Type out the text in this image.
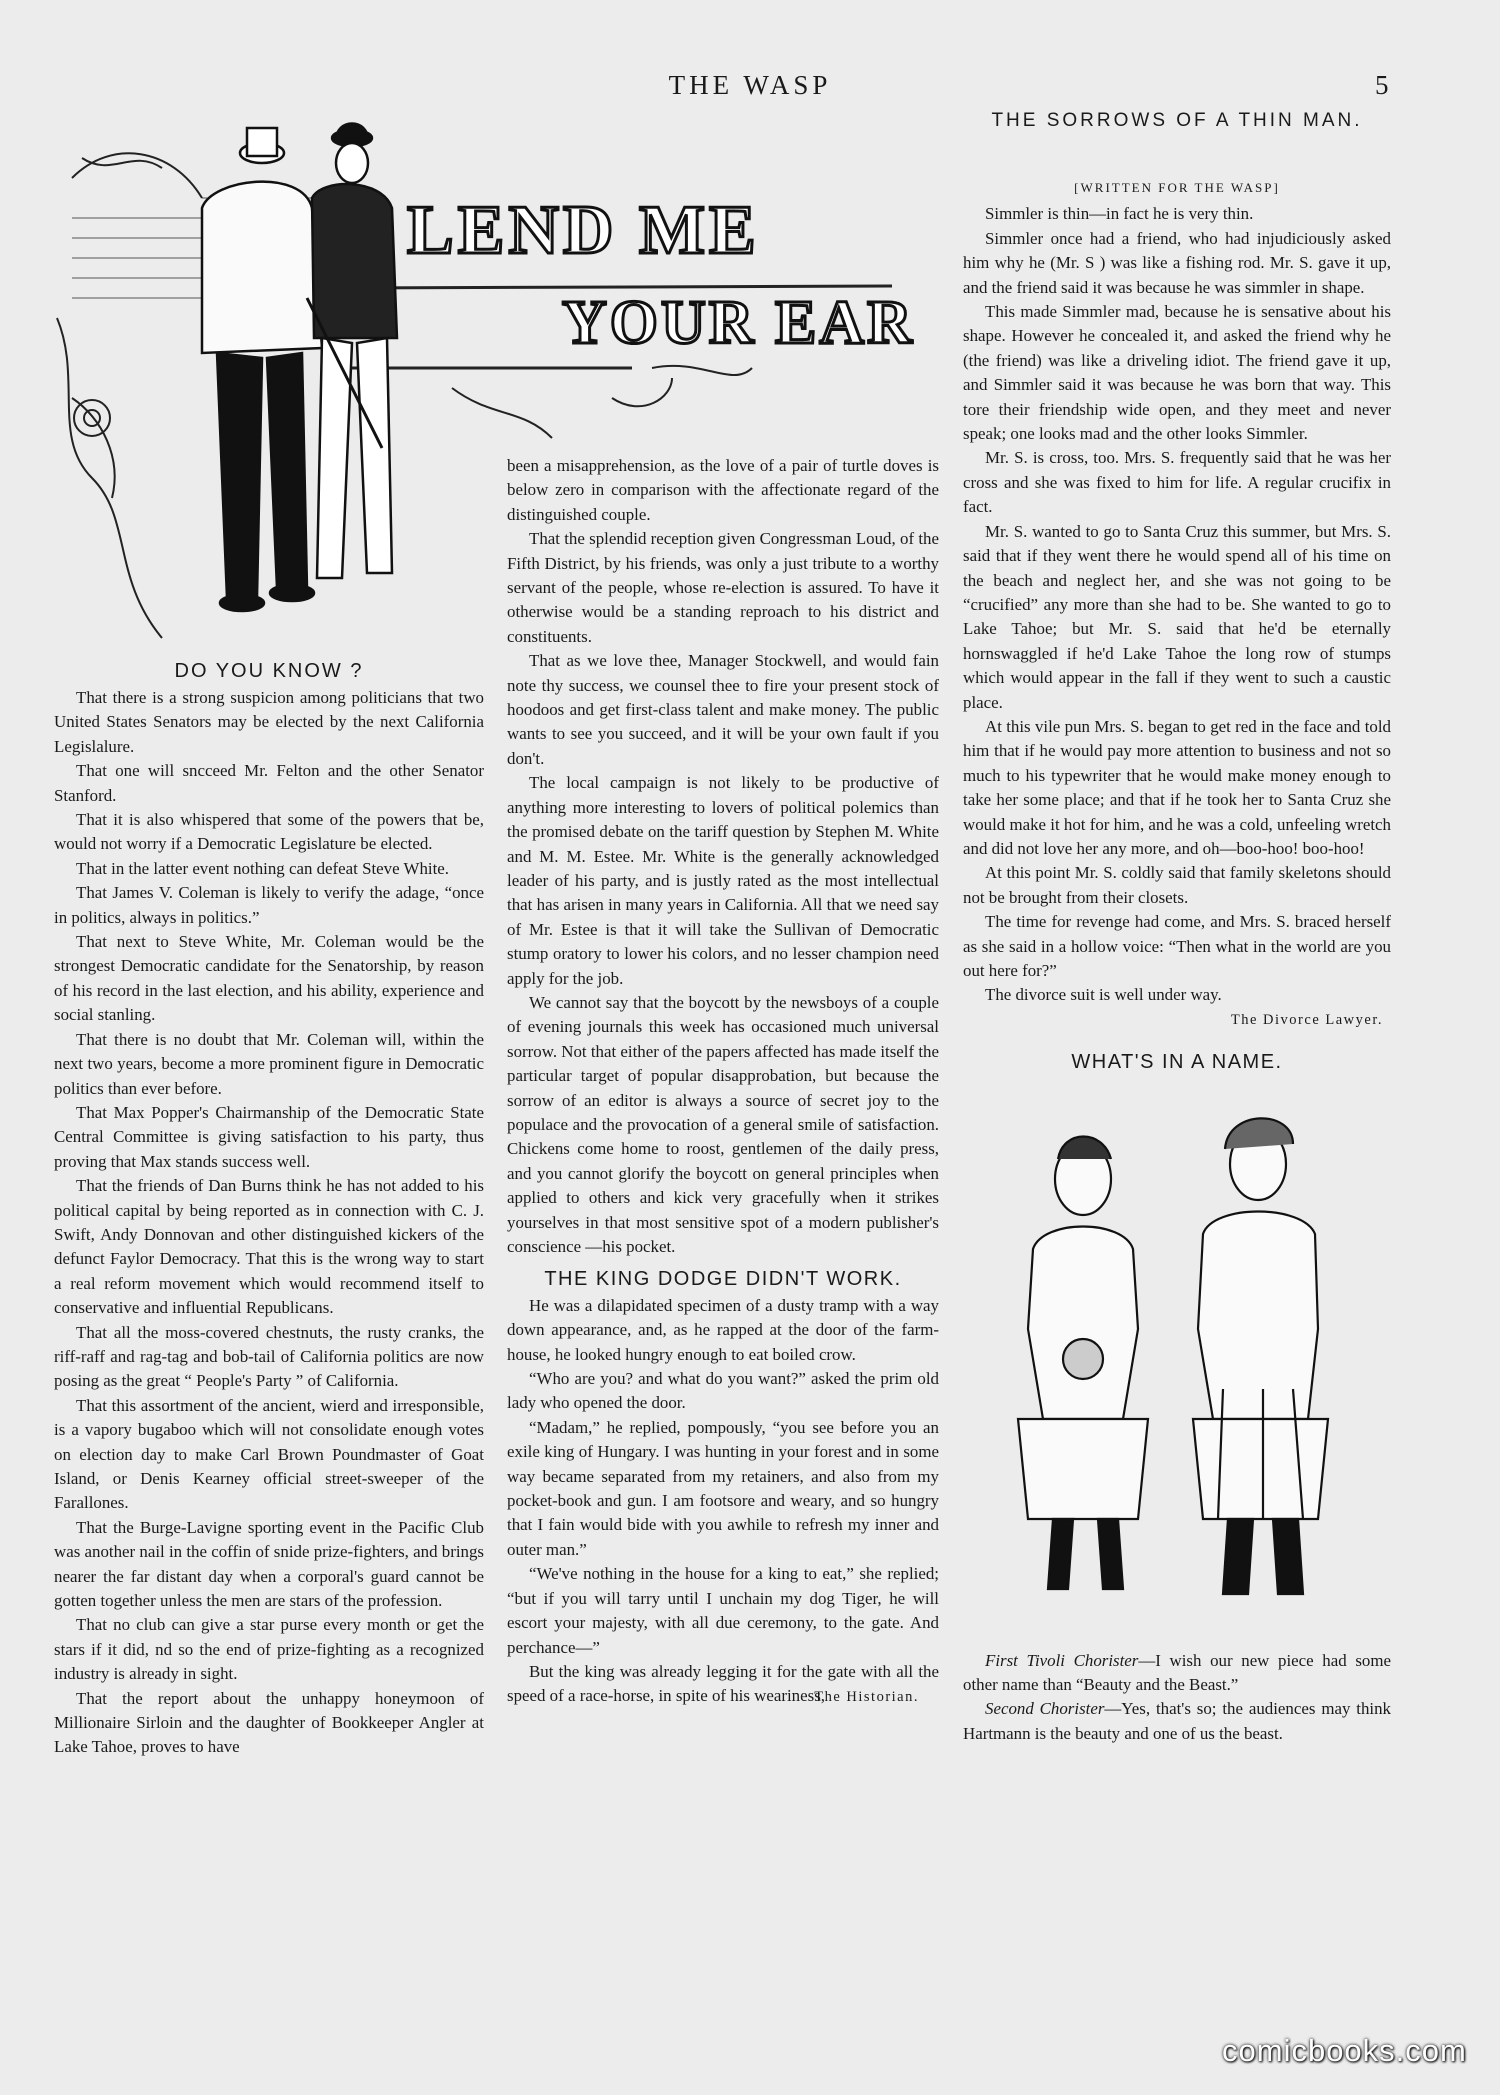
THE WASP	5
LEND ME
YOUR EAR
DO YOU KNOW ?

That there is a strong suspicion among politicians that two United States Senators may be elected by the next California Legislalure.

That one will sncceed Mr. Felton and the other Senator Stanford.

That it is also whispered that some of the powers that be, would not worry if a Democratic Legislature be elected.

That in the latter event nothing can defeat Steve White.

That James V. Coleman is likely to verify the adage, “once in politics, always in politics.”

That next to Steve White, Mr. Coleman would be the strongest Democratic candidate for the Senatorship, by reason of his record in the last election, and his ability, experience and social stanling.

That there is no doubt that Mr. Coleman will, within the next two years, become a more prominent figure in Democratic politics than ever before.

That Max Popper's Chairmanship of the Democratic State Central Committee is giving satisfaction to his party, thus proving that Max stands success well.

That the friends of Dan Burns think he has not added to his political capital by being reported as in connection with C. J. Swift, Andy Donnovan and other distinguished kickers of the defunct Faylor Democracy. That this is the wrong way to start a real reform movement which would recommend itself to conservative and influential Republicans.

That all the moss-covered chestnuts, the rusty cranks, the riff-raff and rag-tag and bob-tail of California politics are now posing as the great “ People's Party ” of California.

That this assortment of the ancient, wierd and irresponsible, is a vapory bugaboo which will not consolidate enough votes on election day to make Carl Brown Poundmaster of Goat Island, or Denis Kearney official street-sweeper of the Farallones.

That the Burge-Lavigne sporting event in the Pacific Club was another nail in the coffin of snide prize-fighters, and brings nearer the far distant day when a corporal's guard cannot be gotten together unless the men are stars of the profession.

That no club can give a star purse every month or get the stars if it did, nd so the end of prize-fighting as a recognized industry is already in sight.

That the report about the unhappy honeymoon of Millionaire Sirloin and the daughter of Bookkeeper Angler at Lake Tahoe, proves to have

been a misapprehension, as the love of a pair of turtle doves is below zero in comparison with the affectionate regard of the distinguished couple.

That the splendid reception given Congressman Loud, of the Fifth District, by his friends, was only a just tribute to a worthy servant of the people, whose re-election is assured. To have it otherwise would be a standing reproach to his district and constituents.

That as we love thee, Manager Stockwell, and would fain note thy success, we counsel thee to fire your present stock of hoodoos and get first-class talent and make money. The public wants to see you succeed, and it will be your own fault if you don't.

The local campaign is not likely to be productive of anything more interesting to lovers of political polemics than the promised debate on the tariff question by Stephen M. White and M. M. Estee. Mr. White is the generally acknowledged leader of his party, and is justly rated as the most intellectual that has arisen in many years in California. All that we need say of Mr. Estee is that it will take the Sullivan of Democratic stump oratory to lower his colors, and no lesser champion need apply for the job.

We cannot say that the boycott by the newsboys of a couple of evening journals this week has occasioned much universal sorrow. Not that either of the papers affected has made itself the particular target of popular disapprobation, but because the sorrow of an editor is always a source of secret joy to the populace and the provocation of a general smile of satisfaction. Chickens come home to roost, gentlemen of the daily press, and you cannot glorify the boycott on general principles when applied to others and kick very gracefully when it strikes yourselves in that most sensitive spot of a modern publisher's conscience —his pocket.

THE KING DODGE DIDN'T WORK.

He was a dilapidated specimen of a dusty tramp with a way down appearance, and, as he rapped at the door of the farm-house, he looked hungry enough to eat boiled crow.

“Who are you? and what do you want?” asked the prim old lady who opened the door.

“Madam,” he replied, pompously, “you see before you an exile king of Hungary. I was hunting in your forest and in some way became separated from my retainers, and also from my pocket-book and gun. I am footsore and weary, and so hungry that I fain would bide with you awhile to refresh my inner and outer man.”

“We've nothing in the house for a king to eat,” she replied; “but if you will tarry until I unchain my dog Tiger, he will escort your majesty, with all due ceremony, to the gate. And perchance—”

But the king was already legging it for the gate with all the speed of a race-horse, in spite of his weariness,

The Historian.
THE SORROWS OF A THIN MAN.

[WRITTEN FOR THE WASP]

Simmler is thin—in fact he is very thin.

Simmler once had a friend, who had injudiciously asked him why he (Mr. S ) was like a fishing rod. Mr. S. gave it up, and the friend said it was because he was simmler in shape.

This made Simmler mad, because he is sensative about his shape. However he concealed it, and asked the friend why he (the friend) was like a driveling idiot. The friend gave it up, and Simmler said it was because he was born that way. This tore their friendship wide open, and they meet and never speak; one looks mad and the other looks Simmler.

Mr. S. is cross, too. Mrs. S. frequently said that he was her cross and she was fixed to him for life. A regular crucifix in fact.

Mr. S. wanted to go to Santa Cruz this summer, but Mrs. S. said that if they went there he would spend all of his time on the beach and neglect her, and she was not going to be “crucified” any more than she had to be. She wanted to go to Lake Tahoe; but Mr. S. said that he'd be eternally hornswaggled if he'd Lake Tahoe the long row of stumps which would appear in the fall if they went to such a caustic place.

At this vile pun Mrs. S. began to get red in the face and told him that if he would pay more attention to business and not so much to his typewriter that he would make money enough to take her some place; and that if he took her to Santa Cruz she would make it hot for him, and he was a cold, unfeeling wretch and did not love her any more, and oh—boo-hoo! boo-hoo!

At this point Mr. S. coldly said that family skeletons should not be brought from their closets.

The time for revenge had come, and Mrs. S. braced herself as she said in a hollow voice: “Then what in the world are you out here for?”

The divorce suit is well under way.

The Divorce Lawyer.

WHAT'S IN A NAME.

First Tivoli Chorister—I wish our new piece had some other name than “Beauty and the Beast.”

Second Chorister—Yes, that's so; the audiences may think Hartmann is the beauty and one of us the beast.

comicbooks.com
